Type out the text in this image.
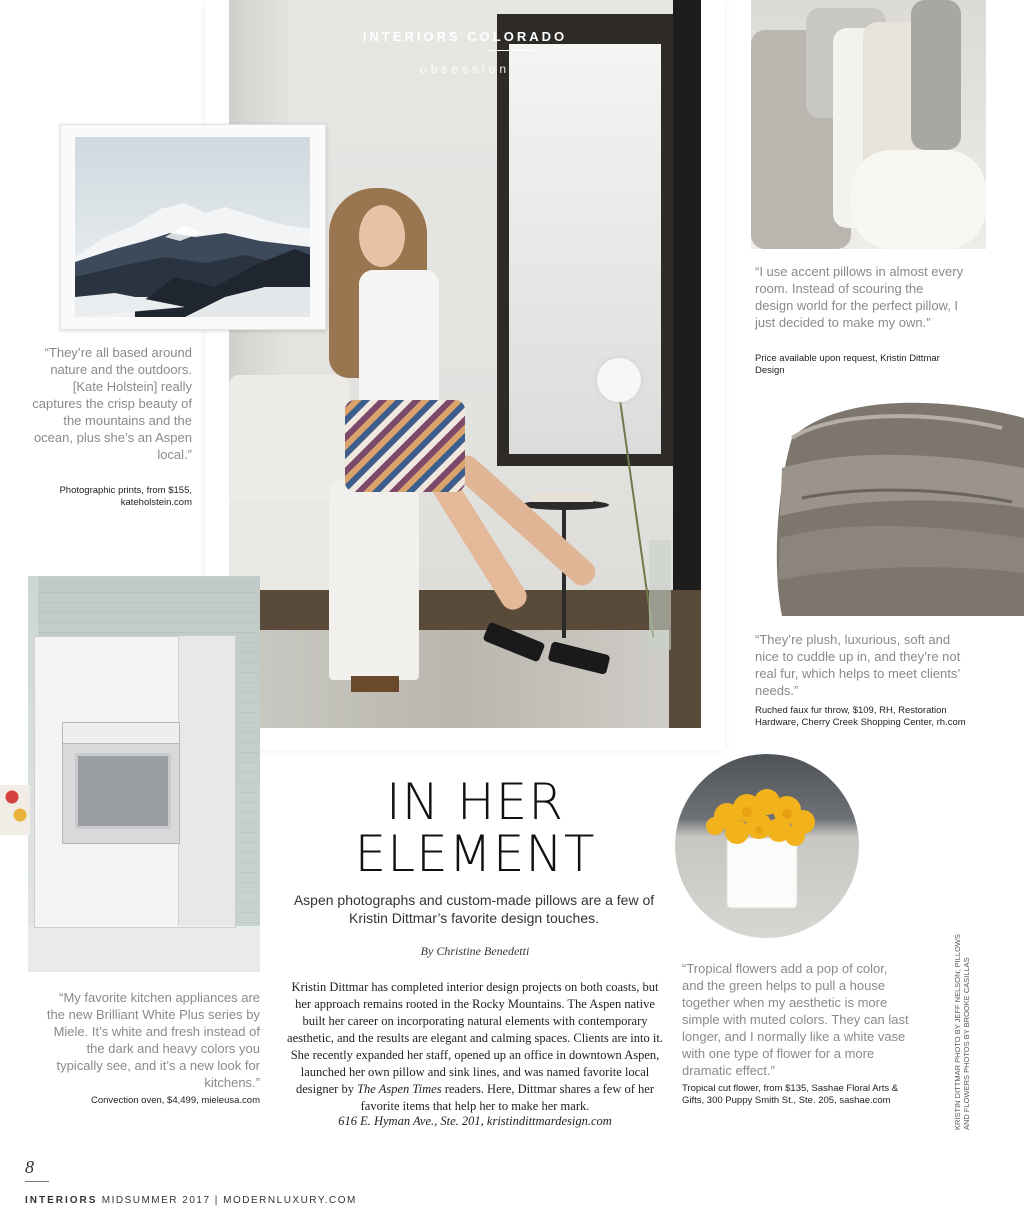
INTERIORS COLORADO
obsession
“They’re all based around nature and the outdoors. [Kate Holstein] really captures the crisp beauty of the mountains and the ocean, plus she’s an Aspen local.”
Photographic prints, from $155, kateholstein.com
“I use accent pillows in almost every room. Instead of scouring the design world for the perfect pillow, I just decided to make my own.”
Price available upon request, Kristin Dittmar Design
“They’re plush, luxurious, soft and nice to cuddle up in, and they’re not real fur, which helps to meet clients’ needs.”
Ruched faux fur throw, $109, RH, Restoration Hardware, Cherry Creek Shopping Center, rh.com
“My favorite kitchen appliances are the new Brilliant White Plus series by Miele. It’s white and fresh instead of the dark and heavy colors you typically see, and it’s a new look for kitchens.”
Convection oven, $4,499, mieleusa.com
IN HER
ELEMENT
Aspen photographs and custom-made pillows are a few of Kristin Dittmar’s favorite design touches.
By Christine Benedetti
Kristin Dittmar has completed interior design projects on both coasts, but her approach remains rooted in the Rocky Mountains. The Aspen native built her career on incorporating natural elements with contemporary aesthetic, and the results are elegant and calming spaces. Clients are into it. She recently expanded her staff, opened up an office in downtown Aspen, launched her own pillow and sink lines, and was named favorite local designer by The Aspen Times readers. Here, Dittmar shares a few of her favorite items that help her to make her mark.
616 E. Hyman Ave., Ste. 201, kristindittmardesign.com
“Tropical flowers add a pop of color, and the green helps to pull a house together when my aesthetic is more simple with muted colors. They can last longer, and I normally like a white vase with one type of flower for a more dramatic effect.”
Tropical cut flower, from $135, Sashae Floral Arts & Gifts, 300 Puppy Smith St., Ste. 205, sashae.com	KRISTIN DITTMAR PHOTO BY JEFF NELSON; PILLOWS AND FLOWERS PHOTOS BY BROOKE CASILLAS
8
INTERIORS MIDSUMMER 2017 | MODERNLUXURY.COM
